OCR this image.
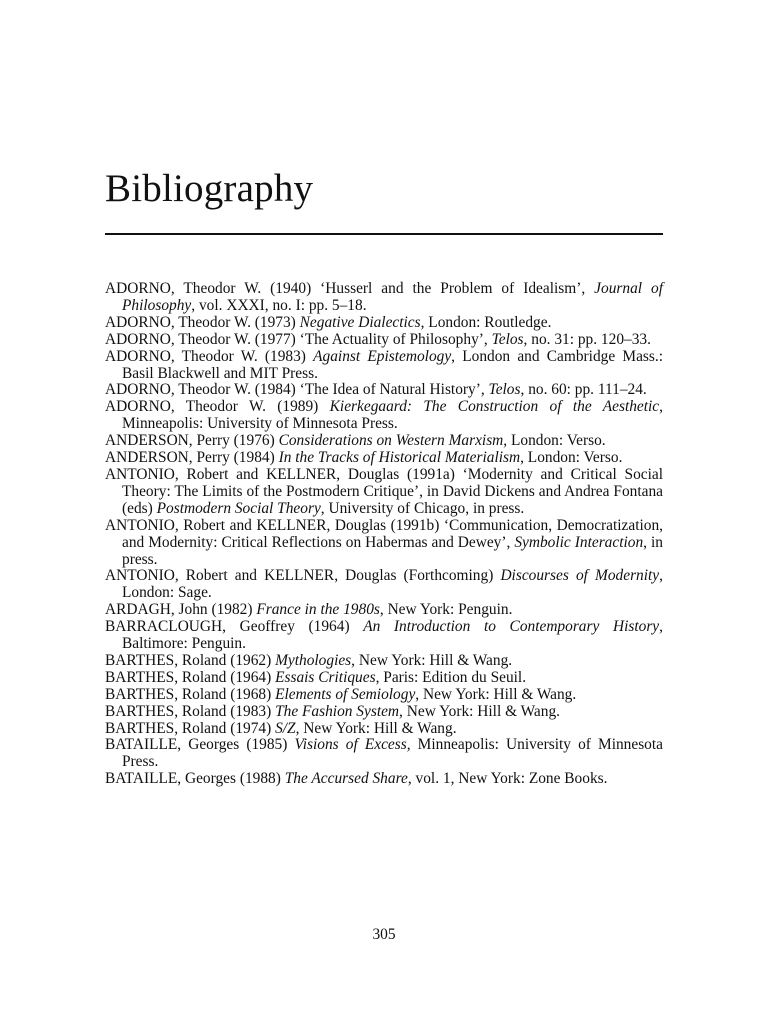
Bibliography
ADORNO, Theodor W. (1940) ‘Husserl and the Problem of Idealism’, Journal of Philosophy, vol. XXXI, no. I: pp. 5–18.
ADORNO, Theodor W. (1973) Negative Dialectics, London: Routledge.
ADORNO, Theodor W. (1977) ‘The Actuality of Philosophy’, Telos, no. 31: pp. 120–33.
ADORNO, Theodor W. (1983) Against Epistemology, London and Cambridge Mass.: Basil Blackwell and MIT Press.
ADORNO, Theodor W. (1984) ‘The Idea of Natural History’, Telos, no. 60: pp. 111–24.
ADORNO, Theodor W. (1989) Kierkegaard: The Construction of the Aesthetic, Minneapolis: University of Minnesota Press.
ANDERSON, Perry (1976) Considerations on Western Marxism, London: Verso.
ANDERSON, Perry (1984) In the Tracks of Historical Materialism, London: Verso.
ANTONIO, Robert and KELLNER, Douglas (1991a) ‘Modernity and Critical Social Theory: The Limits of the Postmodern Critique’, in David Dickens and Andrea Fontana (eds) Postmodern Social Theory, University of Chicago, in press.
ANTONIO, Robert and KELLNER, Douglas (1991b) ‘Communication, Democratization, and Modernity: Critical Reflections on Habermas and Dewey’, Symbolic Interaction, in press.
ANTONIO, Robert and KELLNER, Douglas (Forthcoming) Discourses of Modernity, London: Sage.
ARDAGH, John (1982) France in the 1980s, New York: Penguin.
BARRACLOUGH, Geoffrey (1964) An Introduction to Contemporary History, Baltimore: Penguin.
BARTHES, Roland (1962) Mythologies, New York: Hill & Wang.
BARTHES, Roland (1964) Essais Critiques, Paris: Edition du Seuil.
BARTHES, Roland (1968) Elements of Semiology, New York: Hill & Wang.
BARTHES, Roland (1983) The Fashion System, New York: Hill & Wang.
BARTHES, Roland (1974) S/Z, New York: Hill & Wang.
BATAILLE, Georges (1985) Visions of Excess, Minneapolis: University of Minnesota Press.
BATAILLE, Georges (1988) The Accursed Share, vol. 1, New York: Zone Books.
305
